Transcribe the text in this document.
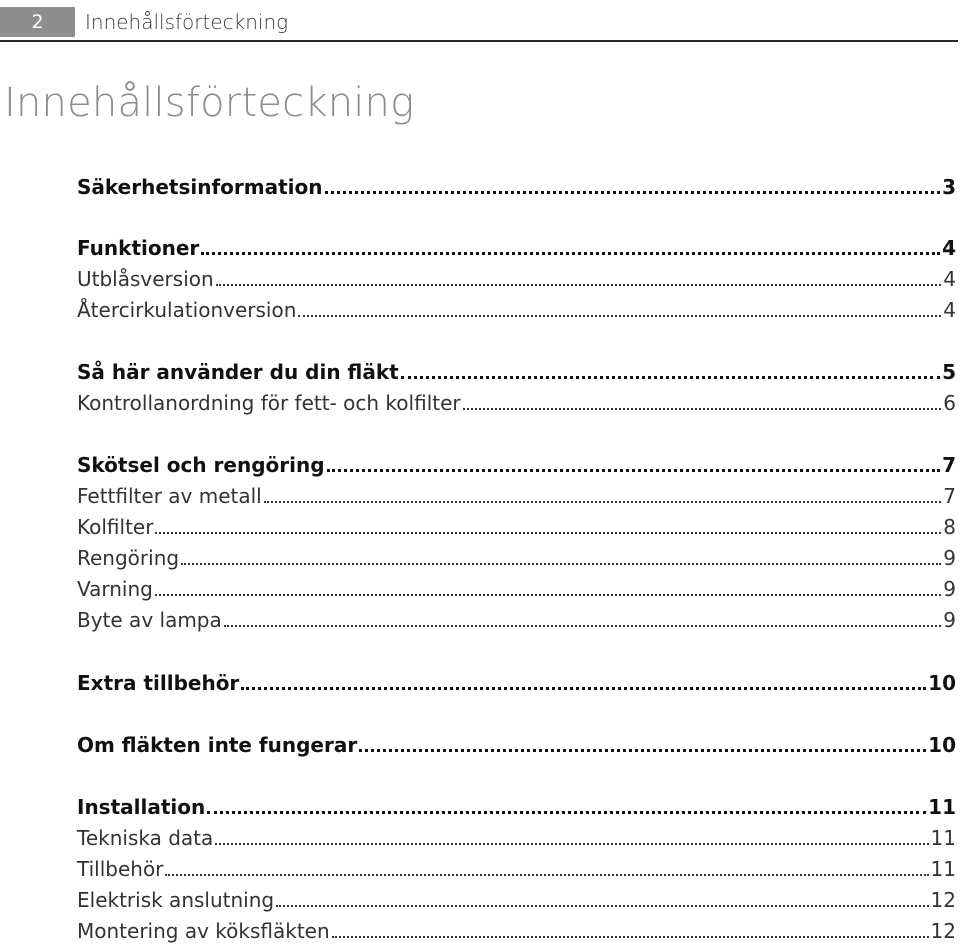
2	Innehållsförteckning
Innehållsförteckning
Säkerhetsinformation	3
Funktioner	4
Utblåsversion	4
Återcirkulationversion	4
Så här använder du din fläkt	5
Kontrollanordning för fett- och kolfilter	6
Skötsel och rengöring	7
Fettfilter av metall	7
Kolfilter	8
Rengöring	9
Varning	9
Byte av lampa	9
Extra tillbehör	10
Om fläkten inte fungerar	10
Installation	11
Tekniska data	11
Tillbehör	11
Elektrisk anslutning	12
Montering av köksfläkten	12
